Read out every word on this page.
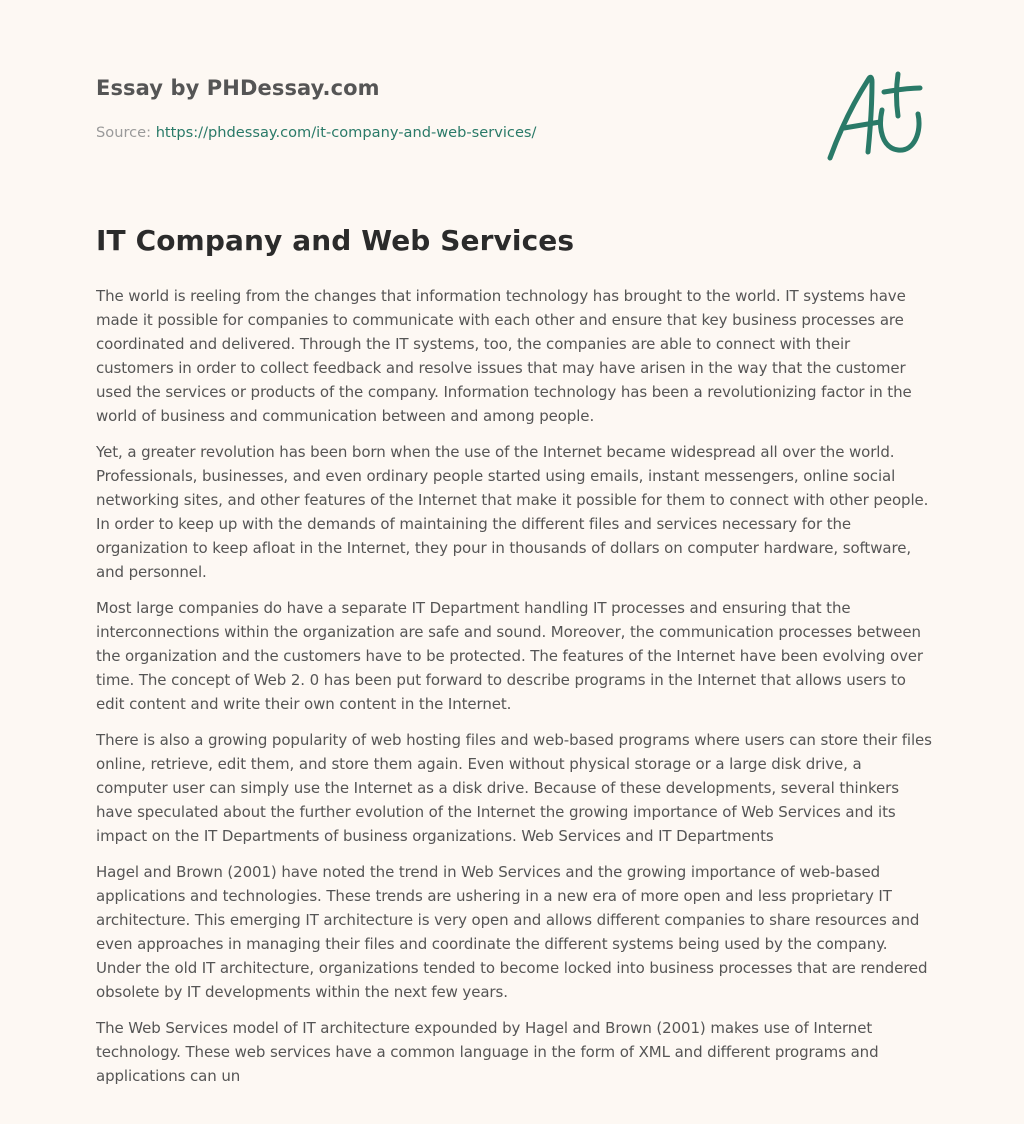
Essay by PHDessay.com
Source: https://phdessay.com/it-company-and-web-services/
IT Company and Web Services

The world is reeling from the changes that information technology has brought to the world. IT systems have made it possible for companies to communicate with each other and ensure that key business processes are coordinated and delivered. Through the IT systems, too, the companies are able to connect with their customers in order to collect feedback and resolve issues that may have arisen in the way that the customer used the services or products of the company. Information technology has been a revolutionizing factor in the world of business and communication between and among people.

Yet, a greater revolution has been born when the use of the Internet became widespread all over the world. Professionals, businesses, and even ordinary people started using emails, instant messengers, online social networking sites, and other features of the Internet that make it possible for them to connect with other people. In order to keep up with the demands of maintaining the different files and services necessary for the organization to keep afloat in the Internet, they pour in thousands of dollars on computer hardware, software, and personnel.

Most large companies do have a separate IT Department handling IT processes and ensuring that the interconnections within the organization are safe and sound. Moreover, the communication processes between the organization and the customers have to be protected. The features of the Internet have been evolving over time. The concept of Web 2. 0 has been put forward to describe programs in the Internet that allows users to edit content and write their own content in the Internet.

There is also a growing popularity of web hosting files and web-based programs where users can store their files online, retrieve, edit them, and store them again. Even without physical storage or a large disk drive, a computer user can simply use the Internet as a disk drive. Because of these developments, several thinkers have speculated about the further evolution of the Internet the growing importance of Web Services and its impact on the IT Departments of business organizations. Web Services and IT Departments

Hagel and Brown (2001) have noted the trend in Web Services and the growing importance of web-based applications and technologies. These trends are ushering in a new era of more open and less proprietary IT architecture. This emerging IT architecture is very open and allows different companies to share resources and even approaches in managing their files and coordinate the different systems being used by the company. Under the old IT architecture, organizations tended to become locked into business processes that are rendered obsolete by IT developments within the next few years.

The Web Services model of IT architecture expounded by Hagel and Brown (2001) makes use of Internet technology. These web services have a common language in the form of XML and different programs and applications can un
